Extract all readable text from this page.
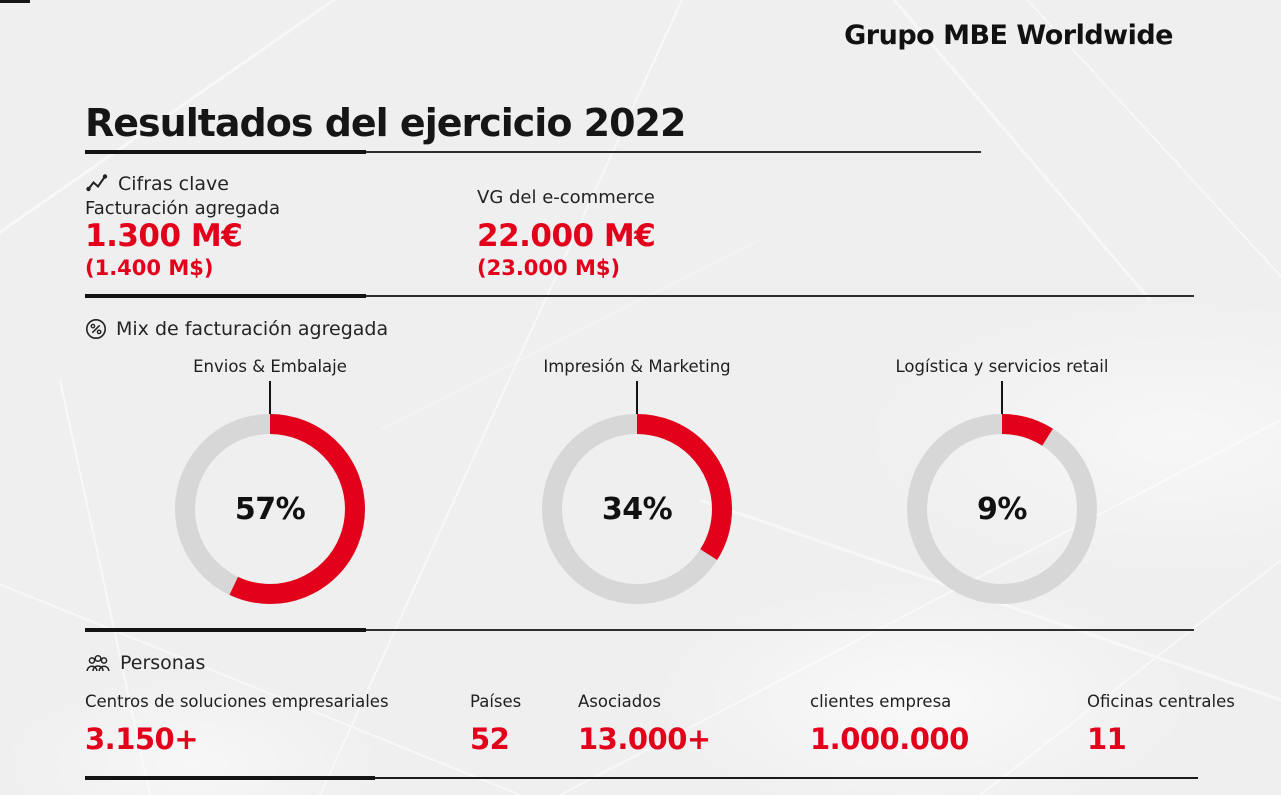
Grupo MBE Worldwide
Resultados del ejercicio 2022
Cifras clave
Facturación agregada
1.300 M€
(1.400 M$)
VG del e-commerce
22.000 M€
(23.000 M$)
Mix de facturación agregada
Envios & Embalaje
57%
Impresión & Marketing
34%
Logística y servicios retail
9%
Personas
Centros de soluciones empresariales
3.150+
Países
52
Asociados
13.000+
clientes empresa
1.000.000
Oficinas centrales
11
